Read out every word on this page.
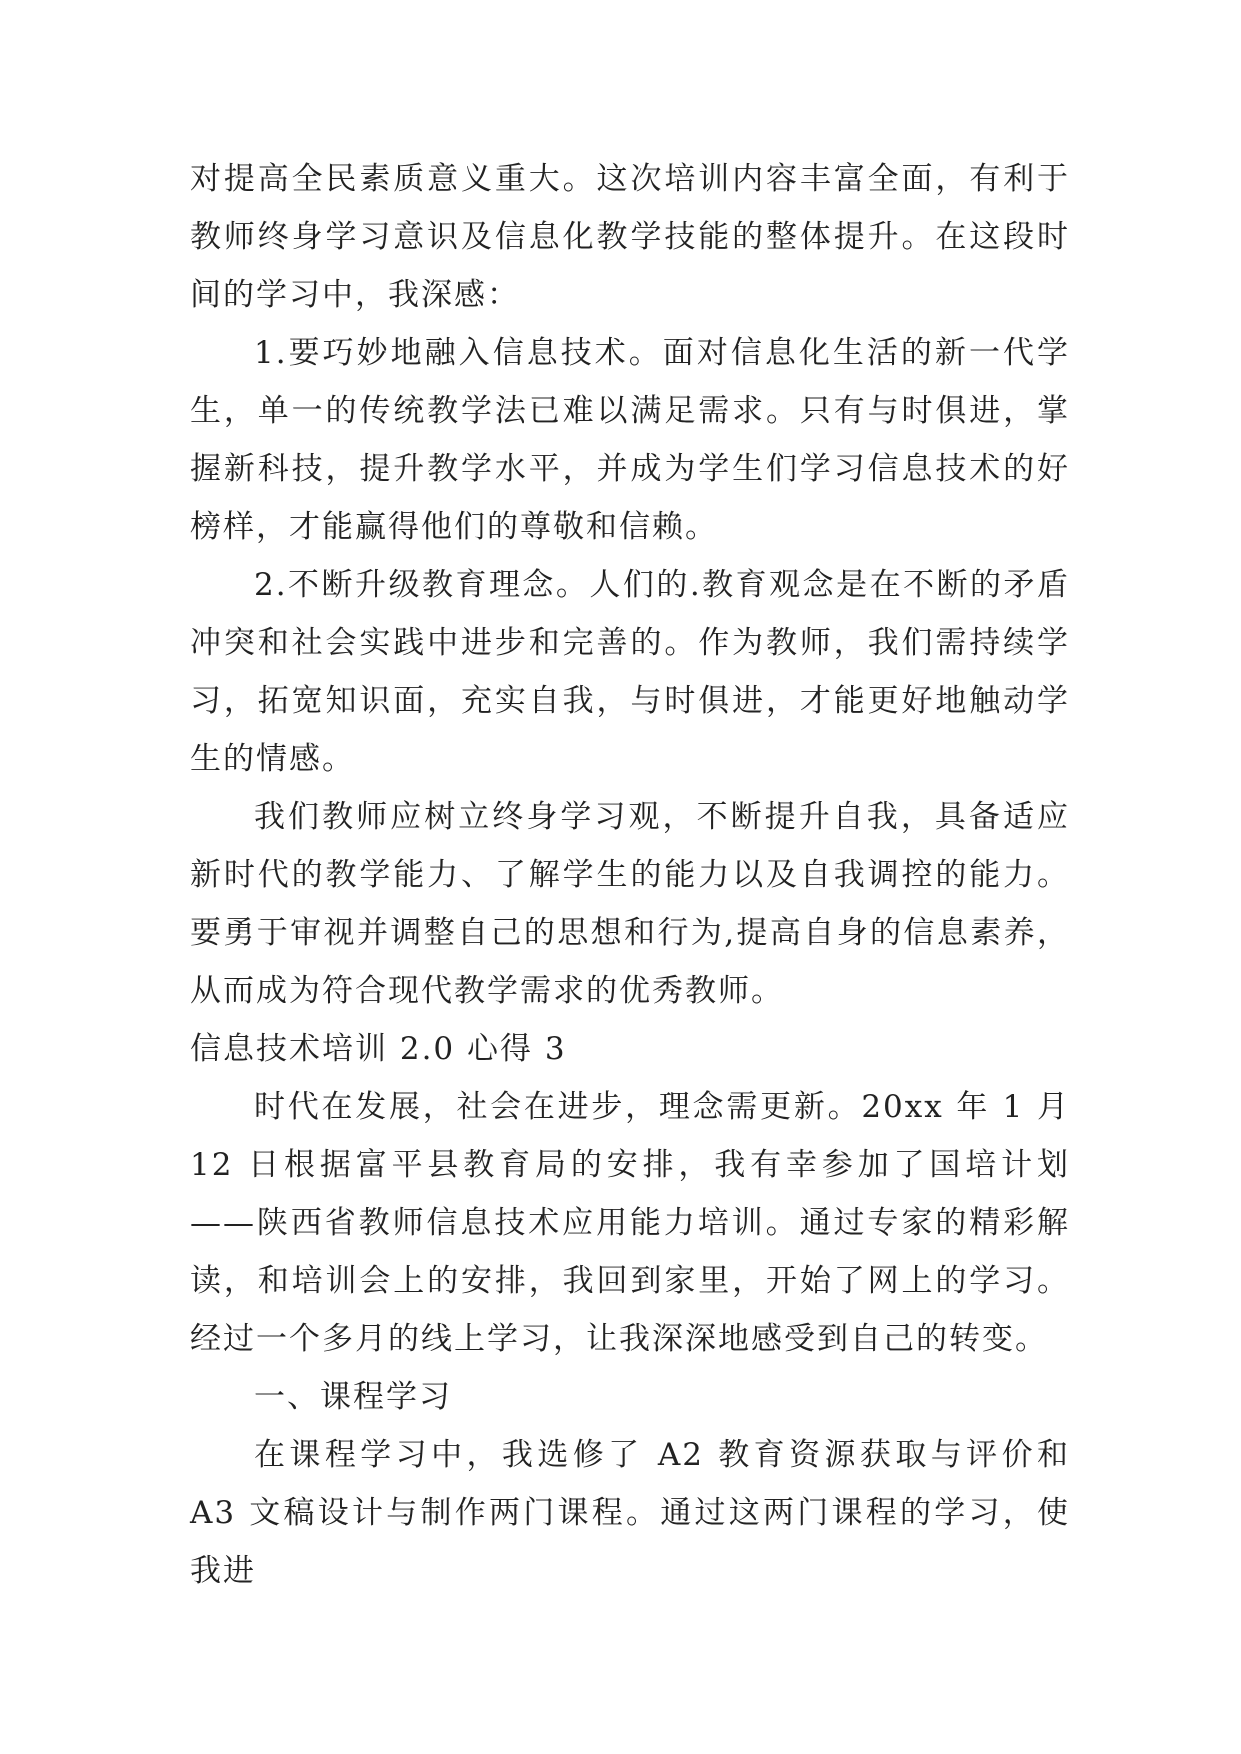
对提高全民素质意义重大。这次培训内容丰富全面，有利于教师终身学习意识及信息化教学技能的整体提升。在这段时间的学习中，我深感：

1.要巧妙地融入信息技术。面对信息化生活的新一代学生，单一的传统教学法已难以满足需求。只有与时俱进，掌握新科技，提升教学水平，并成为学生们学习信息技术的好榜样，才能赢得他们的尊敬和信赖。

2.不断升级教育理念。人们的.教育观念是在不断的矛盾冲突和社会实践中进步和完善的。作为教师，我们需持续学习，拓宽知识面，充实自我，与时俱进，才能更好地触动学生的情感。

我们教师应树立终身学习观，不断提升自我，具备适应新时代的教学能力、了解学生的能力以及自我调控的能力。要勇于审视并调整自己的思想和行为,提高自身的信息素养，从而成为符合现代教学需求的优秀教师。

信息技术培训 2.0 心得 3

时代在发展，社会在进步，理念需更新。20xx 年 1 月 12 日根据富平县教育局的安排，我有幸参加了国培计划——陕西省教师信息技术应用能力培训。通过专家的精彩解读，和培训会上的安排，我回到家里，开始了网上的学习。经过一个多月的线上学习，让我深深地感受到自己的转变。

一、课程学习

在课程学习中，我选修了 A2 教育资源获取与评价和 A3 文稿设计与制作两门课程。通过这两门课程的学习，使我进
